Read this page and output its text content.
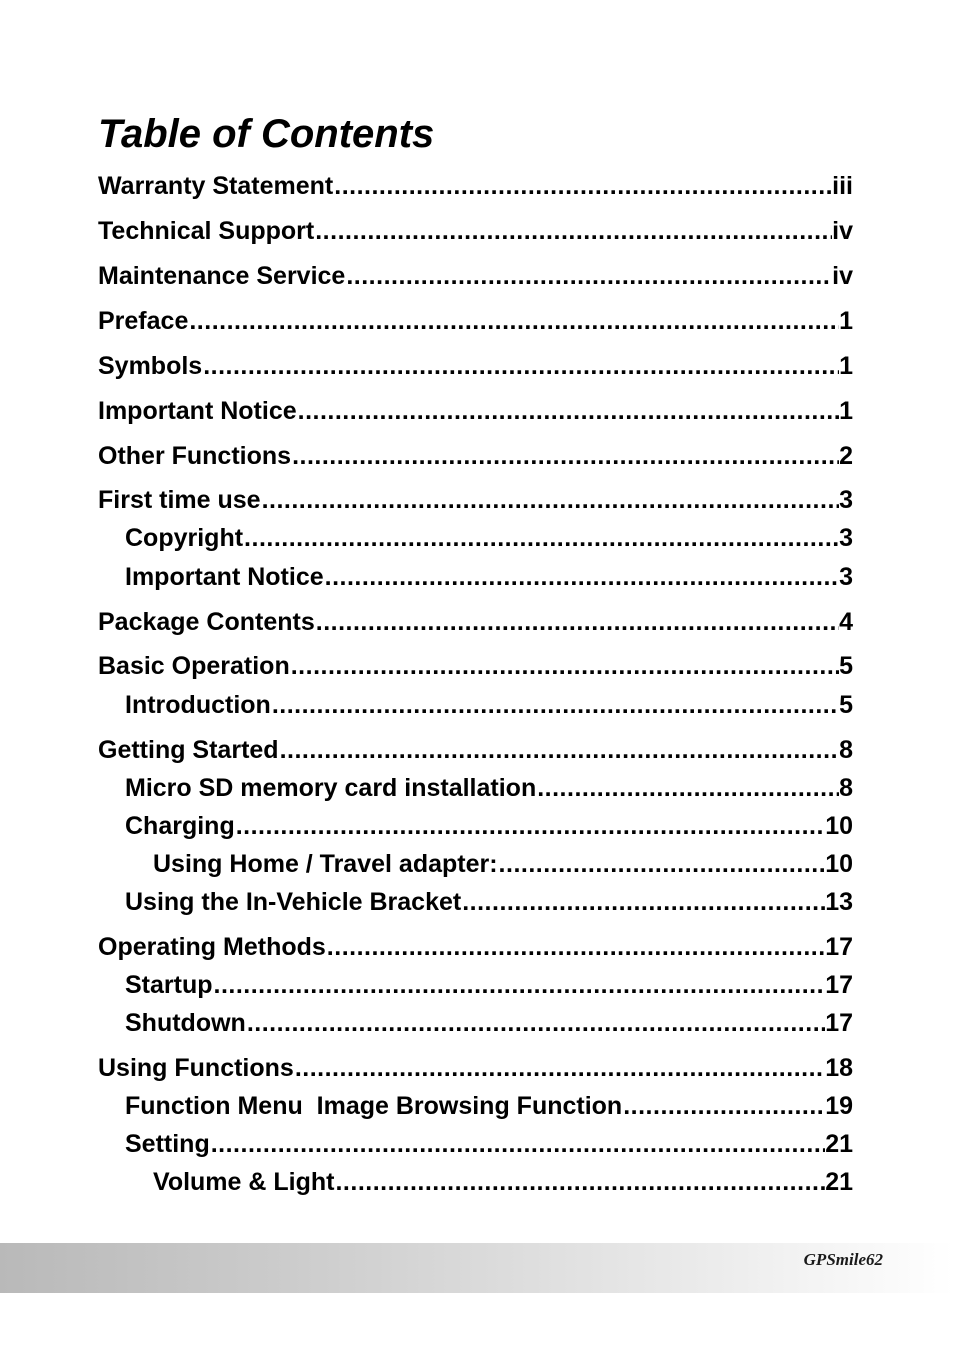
Table of Contents
Warranty Statement .....	iii
Technical Support .....	iv
Maintenance Service .....	iv
Preface .....	1
Symbols .....	1
Important Notice .....	1
Other Functions .....	2
First time use .....	3
Copyright .....	3
Important Notice .....	3
Package Contents .....	4
Basic Operation .....	5
Introduction .....	5
Getting Started .....	8
Micro SD memory card installation .....	8
Charging .....	10
Using Home / Travel adapter: .....	10
Using the In-Vehicle Bracket .....	13
Operating Methods .....	17
Startup .....	17
Shutdown .....	17
Using Functions .....	18
Function Menu  Image Browsing Function .....	19
Setting .....	21
Volume & Light .....	21
GPSmile62
